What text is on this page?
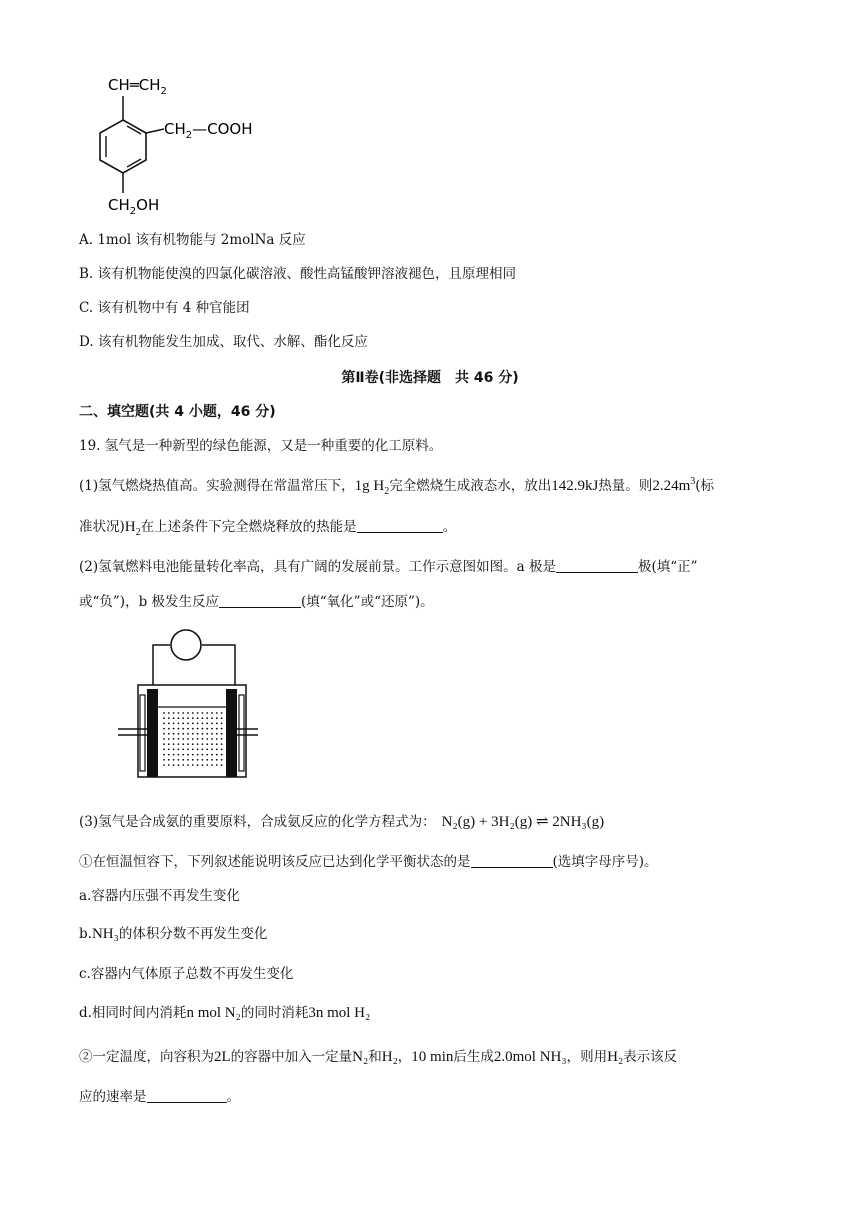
$CH═CH_2$
$CH_2—COOH$
$CH_2OH$
A. 1mol 该有机物能与 2molNa 反应
B. 该有机物能使溴的四氯化碳溶液、酸性高锰酸钾溶液褪色，且原理相同
C. 该有机物中有 4 种官能团
D. 该有机物能发生加成、取代、水解、酯化反应
第Ⅱ卷(非选择题　共 46 分)
二、填空题(共 4 小题，46 分)
19. 氢气是一种新型的绿色能源，又是一种重要的化工原料。
(1)氢气燃烧热值高。实验测得在常温常压下，1g $H_2$完全燃烧生成液态水，放出142.9kJ热量。则$2.24m^3$(标
准状况)$H_2$在上述条件下完全燃烧释放的热能是	。
(2)氢氧燃料电池能量转化率高，具有广阔的发展前景。工作示意图如图。a 极是	极(填“正”
或“负”)，b 极发生反应	(填“氧化”或“还原”)。
(3)氢气是合成氨的重要原料，合成氨反应的化学方程式为： N₂(g) + 3H₂(g) ⇌ 2NH₃(g)
①在恒温恒容下，下列叙述能说明该反应已达到化学平衡状态的是	(选填字母序号)。
a.容器内压强不再发生变化
b.NH₃的体积分数不再发生变化
c.容器内气体原子总数不再发生变化
d.相同时间内消耗n mol N₂的同时消耗3n mol H₂
②一定温度，向容积为2L的容器中加入一定量N₂和H₂，10 min后生成2.0mol NH₃，则用H₂表示该反
应的速率是	。
